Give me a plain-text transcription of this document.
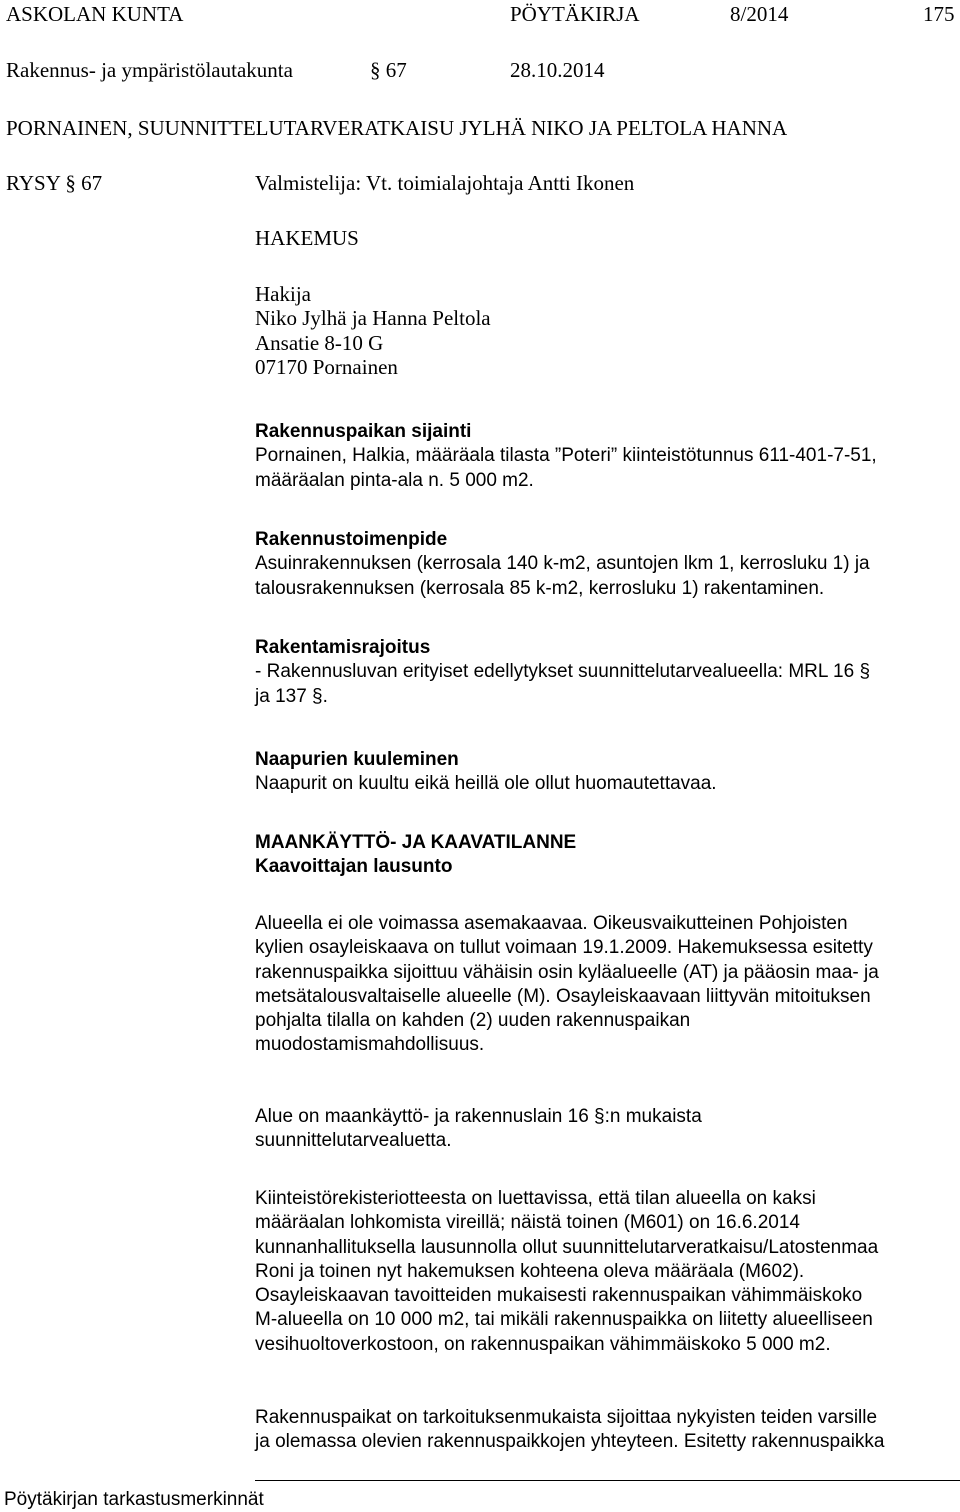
ASKOLAN KUNTA	PÖYTÄKIRJA	8/2014	175
Rakennus- ja ympäristölautakunta	§ 67	28.10.2014
PORNAINEN, SUUNNITTELUTARVERATKAISU JYLHÄ NIKO JA PELTOLA HANNA
RYSY § 67	Valmistelija: Vt. toimialajohtaja Antti Ikonen
HAKEMUS
Hakija
Niko Jylhä ja Hanna Peltola
Ansatie 8-10 G
07170 Pornainen
Rakennuspaikan sijainti
Pornainen, Halkia, määräala tilasta ”Poteri” kiinteistötunnus 611-401-7-51,
määräalan pinta-ala n. 5 000 m2.
Rakennustoimenpide
Asuinrakennuksen (kerrosala 140 k-m2, asuntojen lkm 1, kerrosluku 1) ja
talousrakennuksen (kerrosala 85 k-m2, kerrosluku 1) rakentaminen.
Rakentamisrajoitus
- Rakennusluvan erityiset edellytykset suunnittelutarvealueella: MRL 16 §
ja 137 §.
Naapurien kuuleminen
Naapurit on kuultu eikä heillä ole ollut huomautettavaa.
MAANKÄYTTÖ- JA KAAVATILANNE
Kaavoittajan lausunto
Alueella ei ole voimassa asemakaavaa. Oikeusvaikutteinen Pohjoisten
kylien osayleiskaava on tullut voimaan 19.1.2009. Hakemuksessa esitetty
rakennuspaikka sijoittuu vähäisin osin kyläalueelle (AT) ja pääosin maa- ja
metsätalousvaltaiselle alueelle (M). Osayleiskaavaan liittyvän mitoituksen
pohjalta tilalla on kahden (2) uuden rakennuspaikan
muodostamismahdollisuus.
Alue on maankäyttö- ja rakennuslain 16 §:n mukaista
suunnittelutarvealuetta.
Kiinteistörekisteriotteesta on luettavissa, että tilan alueella on kaksi
määräalan lohkomista vireillä; näistä toinen (M601) on 16.6.2014
kunnanhallituksella lausunnolla ollut suunnittelutarveratkaisu/Latostenmaa
Roni ja toinen nyt hakemuksen kohteena oleva määräala (M602).
Osayleiskaavan tavoitteiden mukaisesti rakennuspaikan vähimmäiskoko
M-alueella on 10 000 m2, tai mikäli rakennuspaikka on liitetty alueelliseen
vesihuoltoverkostoon, on rakennuspaikan vähimmäiskoko 5 000 m2.
Rakennuspaikat on tarkoituksenmukaista sijoittaa nykyisten teiden varsille
ja olemassa olevien rakennuspaikkojen yhteyteen. Esitetty rakennuspaikka
Pöytäkirjan tarkastusmerkinnät
